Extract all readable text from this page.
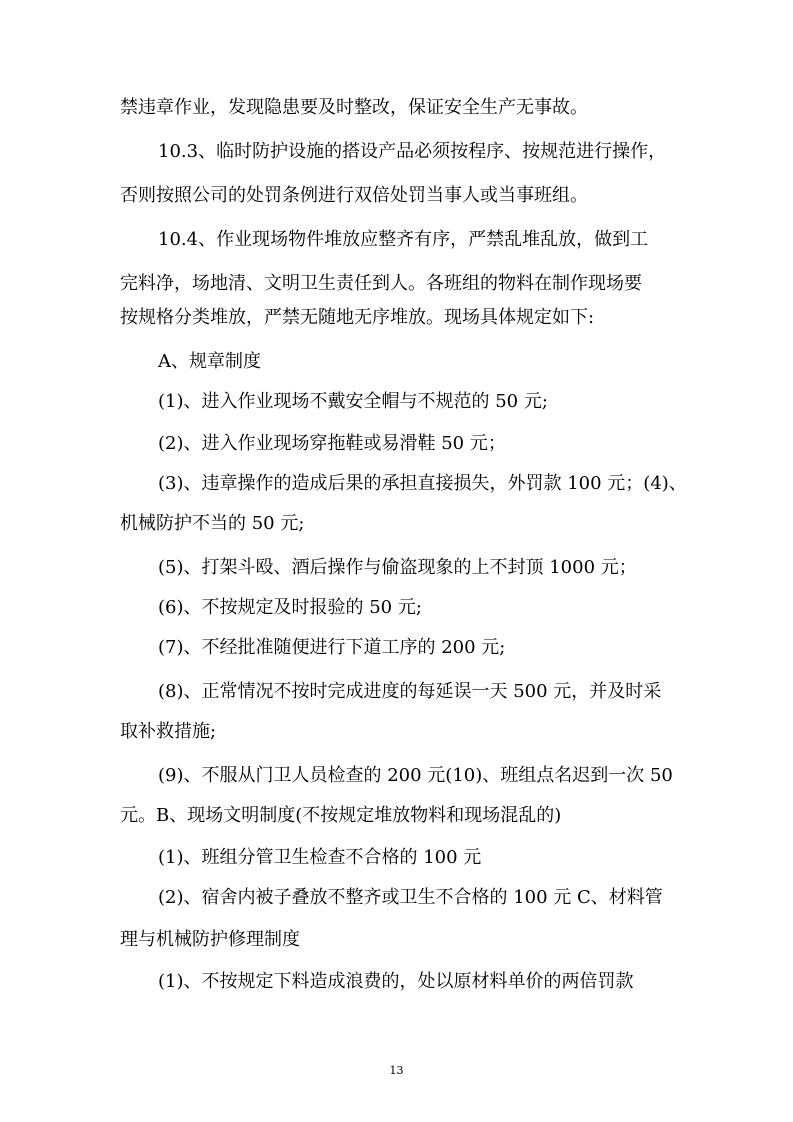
禁违章作业，发现隐患要及时整改，保证安全生产无事故。
10.3、临时防护设施的搭设产品必须按程序、按规范进行操作，
否则按照公司的处罚条例进行双倍处罚当事人或当事班组。
10.4、作业现场物件堆放应整齐有序，严禁乱堆乱放，做到工
完料净，场地清、文明卫生责任到人。各班组的物料在制作现场要
按规格分类堆放，严禁无随地无序堆放。现场具体规定如下:
A、规章制度
(1)、进入作业现场不戴安全帽与不规范的 50 元;
(2)、进入作业现场穿拖鞋或易滑鞋 50 元；
(3)、违章操作的造成后果的承担直接损失，外罚款 100 元；(4)、
机械防护不当的 50 元;
(5)、打架斗殴、酒后操作与偷盗现象的上不封顶 1000 元；
(6)、不按规定及时报验的 50 元;
(7)、不经批准随便进行下道工序的 200 元;
(8)、正常情况不按时完成进度的每延误一天 500 元，并及时采
取补救措施;
(9)、不服从门卫人员检查的 200 元(10)、班组点名迟到一次 50
元。B、现场文明制度(不按规定堆放物料和现场混乱的)
(1)、班组分管卫生检查不合格的 100 元
(2)、宿舍内被子叠放不整齐或卫生不合格的 100 元 C、材料管
理与机械防护修理制度
(1)、不按规定下料造成浪费的，处以原材料单价的两倍罚款
13
